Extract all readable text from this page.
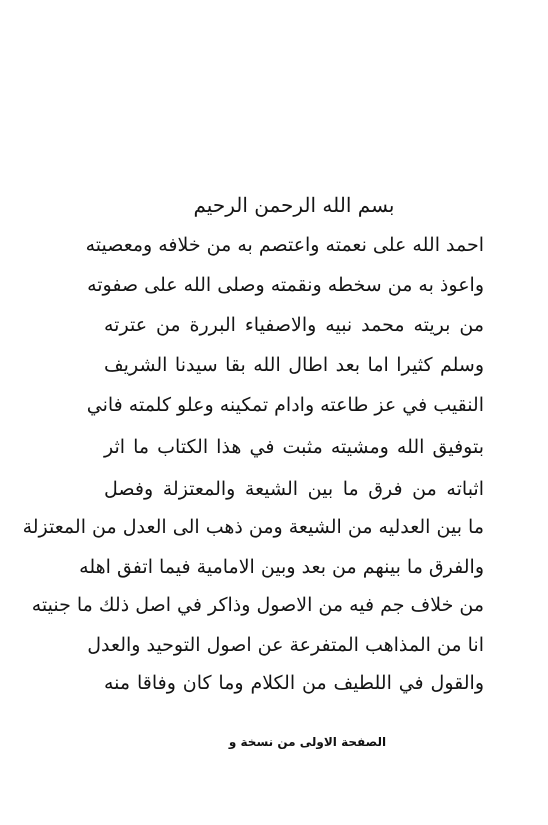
بسم الله الرحمن الرحيم
احمد الله على نعمته واعتصم به من خلافه ومعصيته
واعوذ به من سخطه ونقمته وصلى الله على صفوته
من بريته محمد نبيه والاصفياء البررة من عترته
وسلم كثيرا اما بعد اطال الله بقا سيدنا الشريف
النقيب في عز طاعته وادام تمكينه وعلو كلمته فاني
بتوفيق الله ومشيته مثبت في هذا الكتاب ما اثر
اثباته من فرق ما بين الشيعة والمعتزلة وفصل
ما بين العدليه من الشيعة ومن ذهب الى العدل من المعتزلة
والفرق ما بينهم من بعد وبين الامامية فيما اتفق اهله
من خلاف جم فيه من الاصول وذاكر في اصل ذلك ما جنيته
انا من المذاهب المتفرعة عن اصول التوحيد والعدل
والقول في اللطيف من الكلام وما كان وفاقا منه
الصفحة الاولى من نسخة و
